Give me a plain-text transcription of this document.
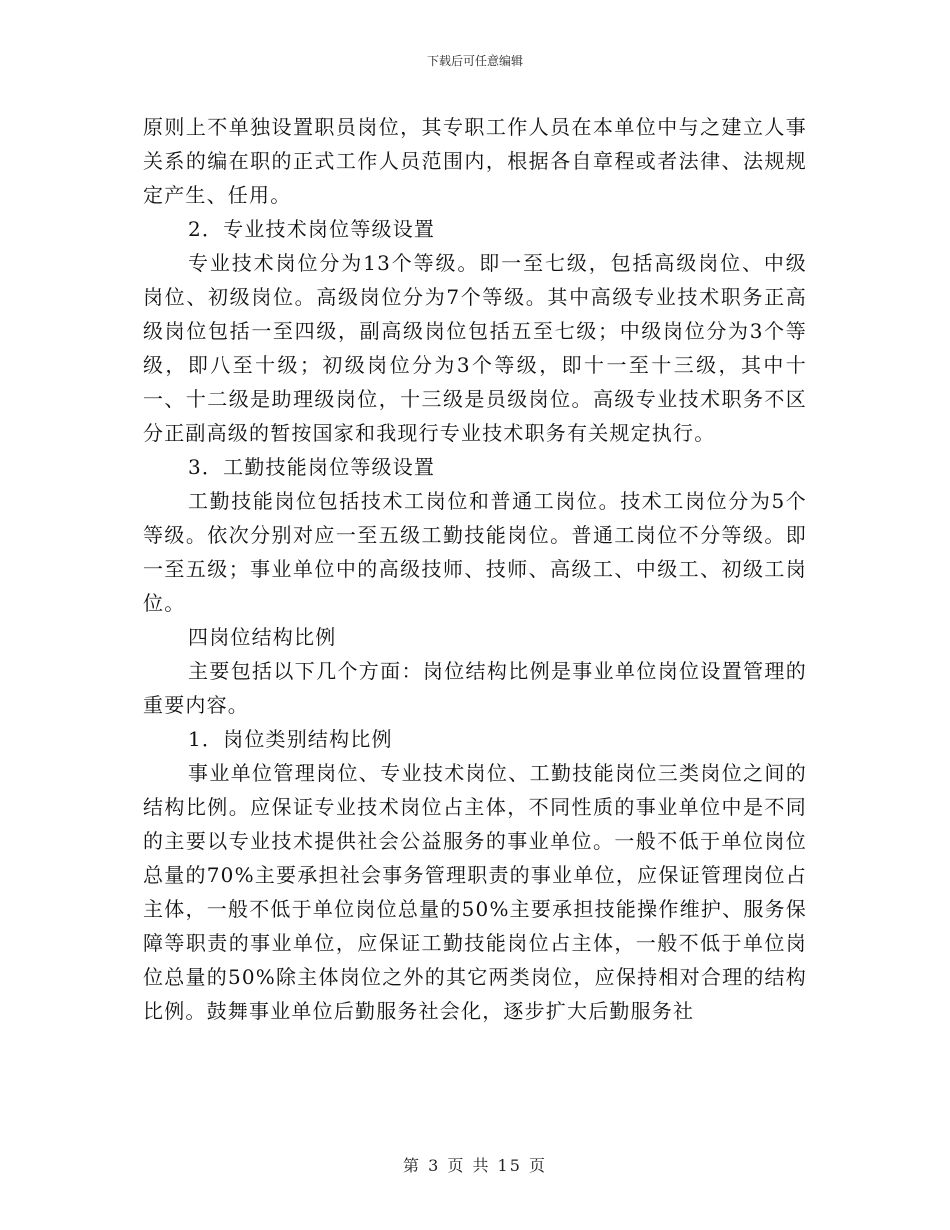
下载后可任意编辑

原则上不单独设置职员岗位，其专职工作人员在本单位中与之建立人事关系的编在职的正式工作人员范围内，根据各自章程或者法律、法规规定产生、任用。

2．专业技术岗位等级设置

专业技术岗位分为13个等级。即一至七级，包括高级岗位、中级岗位、初级岗位。高级岗位分为7个等级。其中高级专业技术职务正高级岗位包括一至四级，副高级岗位包括五至七级；中级岗位分为3个等级，即八至十级；初级岗位分为3个等级，即十一至十三级，其中十一、十二级是助理级岗位，十三级是员级岗位。高级专业技术职务不区分正副高级的暂按国家和我现行专业技术职务有关规定执行。

3．工勤技能岗位等级设置

工勤技能岗位包括技术工岗位和普通工岗位。技术工岗位分为5个等级。依次分别对应一至五级工勤技能岗位。普通工岗位不分等级。即一至五级；事业单位中的高级技师、技师、高级工、中级工、初级工岗位。

四岗位结构比例

主要包括以下几个方面：岗位结构比例是事业单位岗位设置管理的重要内容。

1．岗位类别结构比例

事业单位管理岗位、专业技术岗位、工勤技能岗位三类岗位之间的结构比例。应保证专业技术岗位占主体，不同性质的事业单位中是不同的主要以专业技术提供社会公益服务的事业单位。一般不低于单位岗位总量的70%主要承担社会事务管理职责的事业单位，应保证管理岗位占主体，一般不低于单位岗位总量的50%主要承担技能操作维护、服务保障等职责的事业单位，应保证工勤技能岗位占主体，一般不低于单位岗位总量的50%除主体岗位之外的其它两类岗位，应保持相对合理的结构比例。鼓舞事业单位后勤服务社会化，逐步扩大后勤服务社

第 3 页 共 15 页
